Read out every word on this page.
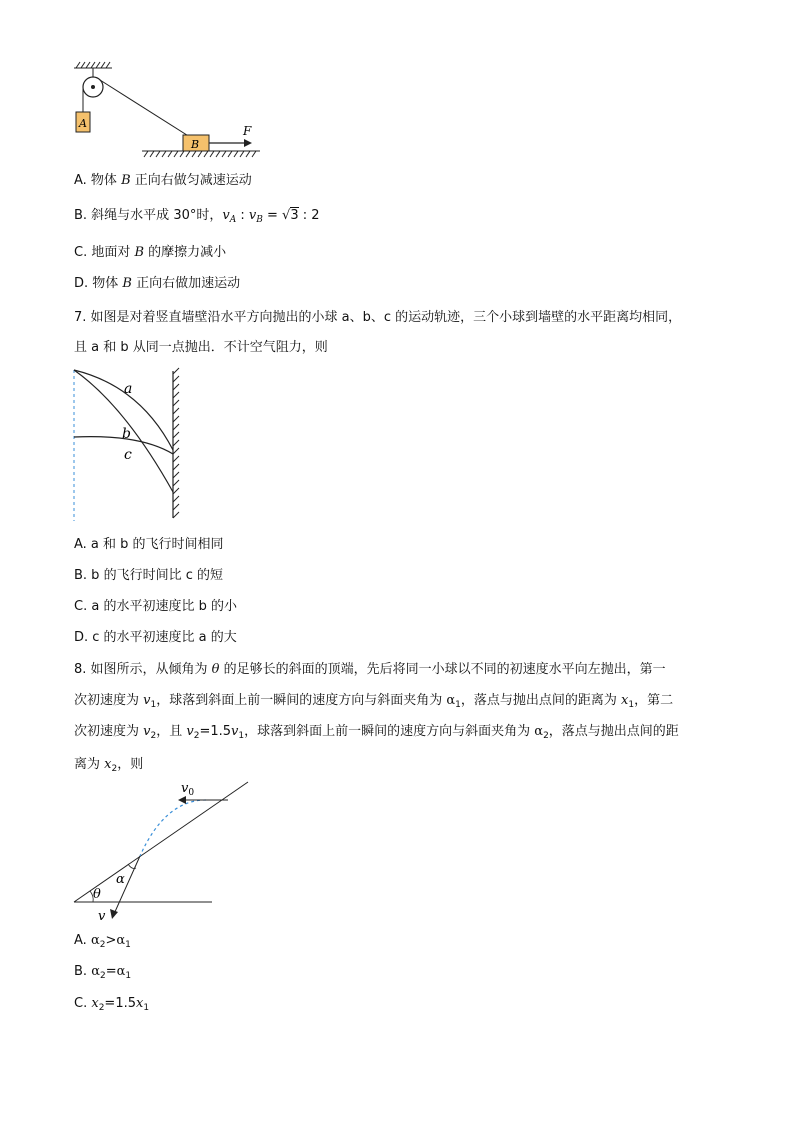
A
B
F
A. 物体 B 正向右做匀减速运动
B. 斜绳与水平成 30°时，$v_A$ : $v_B = √3$ : 2
C. 地面对 B 的摩擦力减小
D. 物体 B 正向右做加速运动
7. 如图是对着竖直墙壁沿水平方向抛出的小球 a、b、c 的运动轨迹，三个小球到墙壁的水平距离均相同，
且 a 和 b 从同一点抛出．不计空气阻力，则
a
b
c
A. a 和 b 的飞行时间相同
B. b 的飞行时间比 c 的短
C. a 的水平初速度比 b 的小
D. c 的水平初速度比 a 的大
8. 如图所示，从倾角为 θ 的足够长的斜面的顶端，先后将同一小球以不同的初速度水平向左抛出，第一
次初速度为 $v_1$，球落到斜面上前一瞬间的速度方向与斜面夹角为 $\alpha_1$，落点与抛出点间的距离为 $x_1$，第二
次初速度为 $v_2$，且 $v_2=1.5v_1$，球落到斜面上前一瞬间的速度方向与斜面夹角为 $\alpha_2$，落点与抛出点间的距
离为 $x_2$，则
$v_0$
α
θ
v
A. $\alpha_2>\alpha_1$
B. $\alpha_2=\alpha_1$
C. $x_2=1.5x_1$
